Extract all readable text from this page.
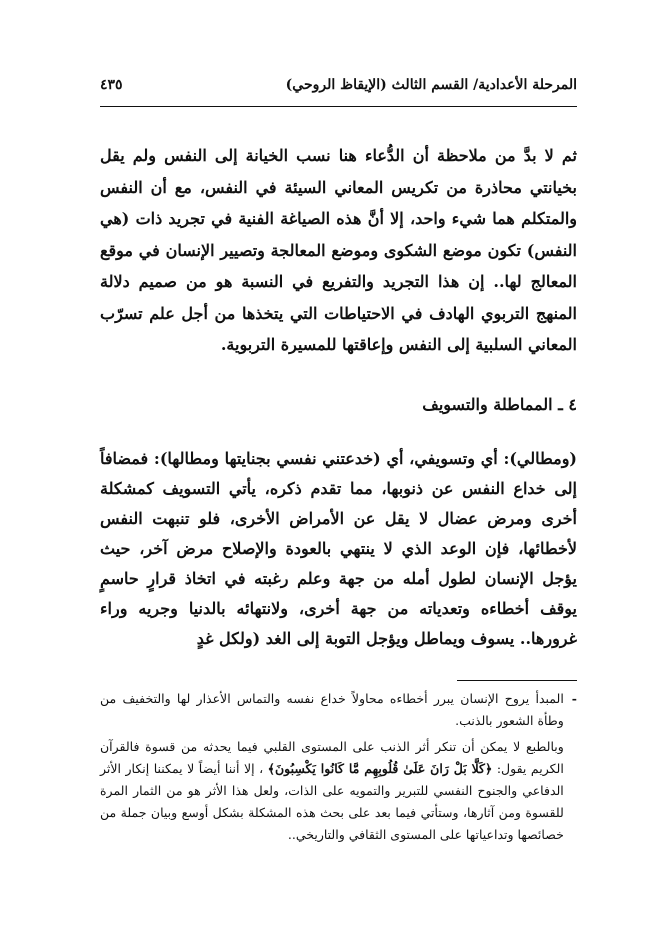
المرحلة الأعدادية/ القسم الثالث (الإيقاظ الروحي)
٤٣٥

ثم لا بدَّ من ملاحظة أن الدُّعاء هنا نسب الخيانة إلى النفس ولم يقل بخيانتي محاذرة من تكريس المعاني السيئة في النفس، مع أن النفس والمتكلم هما شيء واحد، إلا أنَّ هذه الصياغة الفنية في تجريد ذات (هي النفس) تكون موضع الشكوى وموضع المعالجة وتصيير الإنسان في موقع المعالج لها.. إن هذا التجريد والتفريع في النسبة هو من صميم دلالة المنهج التربوي الهادف في الاحتياطات التي يتخذها من أجل علم تسرّب المعاني السلبية إلى النفس وإعاقتها للمسيرة التربوية.

٤ ـ المماطلة والتسويف

(ومطالي): أي وتسويفي، أي (خدعتني نفسي بجنايتها ومطالها): فمضافاً إلى خداع النفس عن ذنوبها، مما تقدم ذكره، يأتي التسويف كمشكلة أخرى ومرض عضال لا يقل عن الأمراض الأخرى، فلو تنبهت النفس لأخطائها، فإن الوعد الذي لا ينتهي بالعودة والإصلاح مرض آخر، حيث يؤجل الإنسان لطول أمله من جهة وعلم رغبته في اتخاذ قرارٍ حاسمٍ يوقف أخطاءه وتعدياته من جهة أخرى، ولانتهائه بالدنيا وجريه وراء غرورها.. يسوف ويماطل ويؤجل التوبة إلى الغد (ولكل غدٍ

-

المبدأ يروح الإنسان يبرر أخطاءه محاولاً خداع نفسه والتماس الأعذار لها والتخفيف من وطأة الشعور بالذنب.

وبالطبع لا يمكن أن تنكر أثر الذنب على المستوى القلبي فيما يحدثه من قسوة فالقرآن الكريم يقول: ﴿كَلَّا بَلْ رَانَ عَلَىٰ قُلُوبِهِم مَّا كَانُوا يَكْسِبُونَ﴾ ، إلا أننا أيضاً لا يمكننا إنكار الأثر الدفاعي والجنوح النفسي للتبرير والتمويه على الذات، ولعل هذا الأثر هو من الثمار المرة للقسوة ومن آثارها، وستأتي فيما بعد على بحث هذه المشكلة بشكل أوسع وبيان جملة من خصائصها وتداعياتها على المستوى الثقافي والتاريخي..
